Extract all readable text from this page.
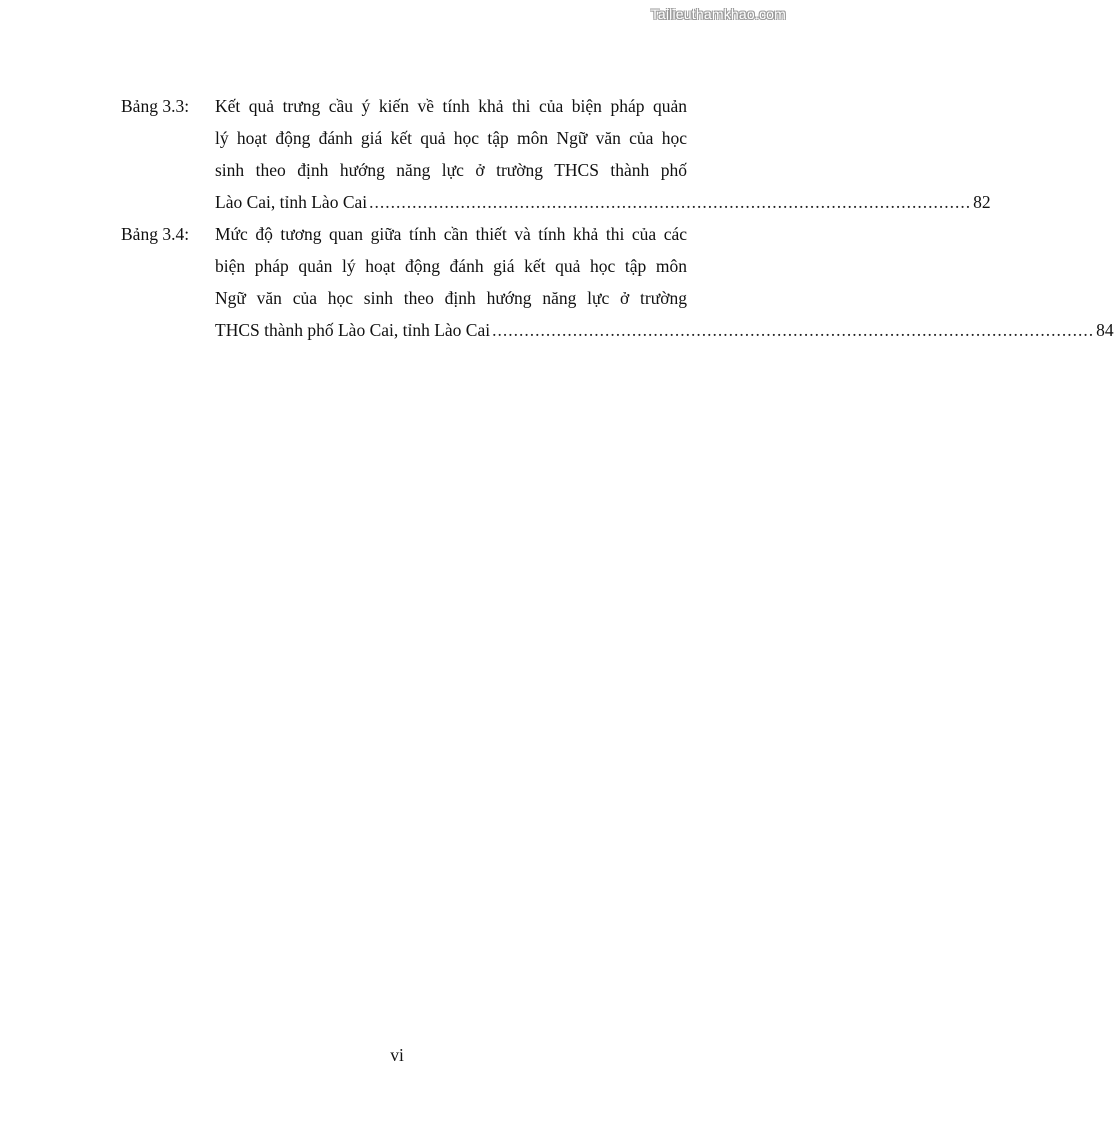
Tailieuthamkhao.com
Bảng 3.3:	Kết quả trưng cầu ý kiến về tính khả thi của biện pháp quản
lý hoạt động đánh giá kết quả học tập môn Ngữ văn của học
sinh theo định hướng năng lực ở trường THCS thành phố
Lào Cai, tỉnh Lào Cai ................................................................................................................ 82
Bảng 3.4:	Mức độ tương quan giữa tính cần thiết và tính khả thi của các
biện pháp quản lý hoạt động đánh giá kết quả học tập môn
Ngữ văn của học sinh theo định hướng năng lực ở trường
THCS thành phố Lào Cai, tỉnh Lào Cai ................................................................................................................ 84
vi
